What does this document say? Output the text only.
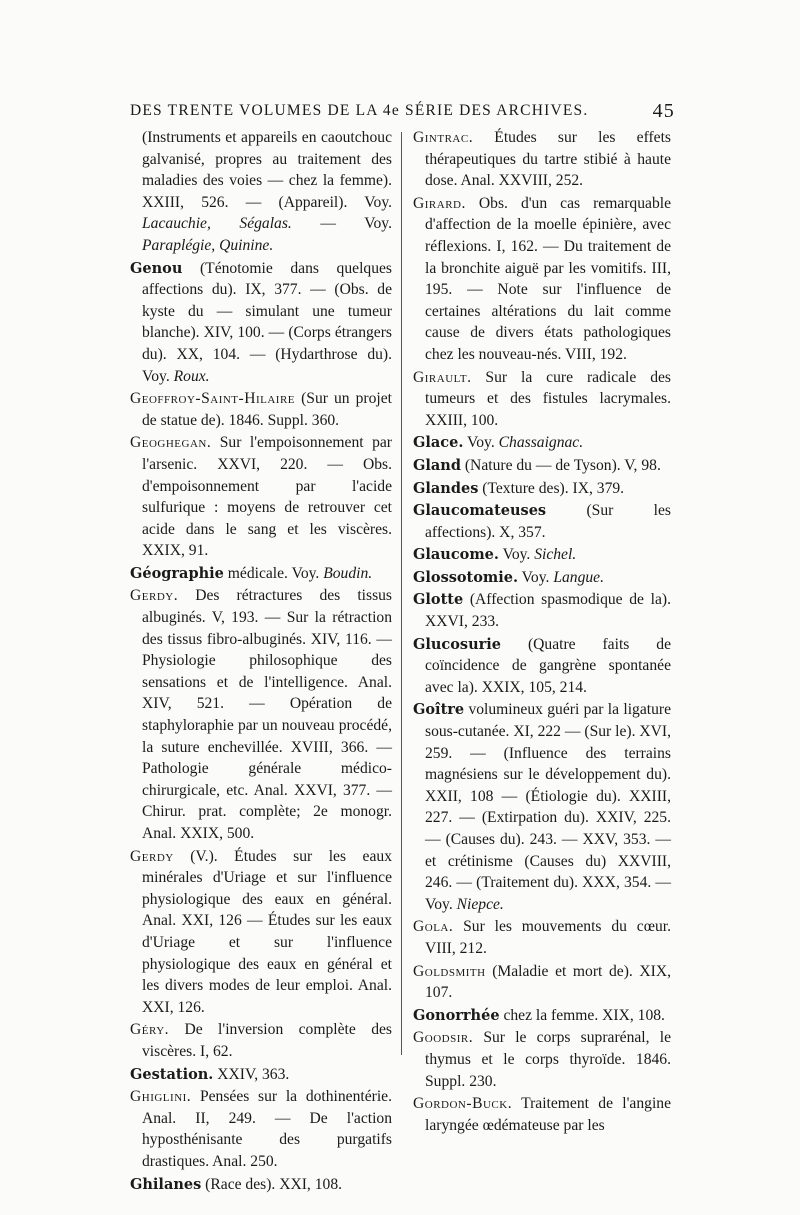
DES TRENTE VOLUMES DE LA 4e SÉRIE DES ARCHIVES.	45

(Instruments et appareils en caoutchouc galvanisé, propres au traitement des maladies des voies — chez la femme). XXIII, 526. — (Appareil). Voy. Lacauchie, Ségalas. — Voy. Paraplégie, Quinine.

Genou (Ténotomie dans quelques affections du). IX, 377. — (Obs. de kyste du — simulant une tumeur blanche). XIV, 100. — (Corps étrangers du). XX, 104. — (Hydarthrose du). Voy. Roux.

Geoffroy-Saint-Hilaire (Sur un projet de statue de). 1846. Suppl. 360.

Geoghegan. Sur l'empoisonnement par l'arsenic. XXVI, 220. — Obs. d'empoisonnement par l'acide sulfurique : moyens de retrouver cet acide dans le sang et les viscères. XXIX, 91.

Géographie médicale. Voy. Boudin.

Gerdy. Des rétractures des tissus albuginés. V, 193. — Sur la rétraction des tissus fibro-albuginés. XIV, 116. — Physiologie philosophique des sensations et de l'intelligence. Anal. XIV, 521. — Opération de staphyloraphie par un nouveau procédé, la suture enchevillée. XVIII, 366. — Pathologie générale médico-chirurgicale, etc. Anal. XXVI, 377. — Chirur. prat. complète; 2e monogr. Anal. XXIX, 500.

Gerdy (V.). Études sur les eaux minérales d'Uriage et sur l'influence physiologique des eaux en général. Anal. XXI, 126 — Études sur les eaux d'Uriage et sur l'influence physiologique des eaux en général et les divers modes de leur emploi. Anal. XXI, 126.

Géry. De l'inversion complète des viscères. I, 62.

Gestation. XXIV, 363.

Ghiglini. Pensées sur la dothinentérie. Anal. II, 249. — De l'action hyposthénisante des purgatifs drastiques. Anal. 250.

Ghilanes (Race des). XXI, 108.

Gintrac. Études sur les effets thérapeutiques du tartre stibié à haute dose. Anal. XXVIII, 252.

Girard. Obs. d'un cas remarquable d'affection de la moelle épinière, avec réflexions. I, 162. — Du traitement de la bronchite aiguë par les vomitifs. III, 195. — Note sur l'influence de certaines altérations du lait comme cause de divers états pathologiques chez les nouveau-nés. VIII, 192.

Girault. Sur la cure radicale des tumeurs et des fistules lacrymales. XXIII, 100.

Glace. Voy. Chassaignac.

Gland (Nature du — de Tyson). V, 98.

Glandes (Texture des). IX, 379.

Glaucomateuses (Sur les affections). X, 357.

Glaucome. Voy. Sichel.

Glossotomie. Voy. Langue.

Glotte (Affection spasmodique de la). XXVI, 233.

Glucosurie (Quatre faits de coïncidence de gangrène spontanée avec la). XXIX, 105, 214.

Goître volumineux guéri par la ligature sous-cutanée. XI, 222 — (Sur le). XVI, 259. — (Influence des terrains magnésiens sur le développement du). XXII, 108 — (Étiologie du). XXIII, 227. — (Extirpation du). XXIV, 225. — (Causes du). 243. — XXV, 353. — et crétinisme (Causes du) XXVIII, 246. — (Traitement du). XXX, 354. — Voy. Niepce.

Gola. Sur les mouvements du cœur. VIII, 212.

Goldsmith (Maladie et mort de). XIX, 107.

Gonorrhée chez la femme. XIX, 108.

Goodsir. Sur le corps suprarénal, le thymus et le corps thyroïde. 1846. Suppl. 230.

Gordon-Buck. Traitement de l'angine laryngée œdémateuse par les
